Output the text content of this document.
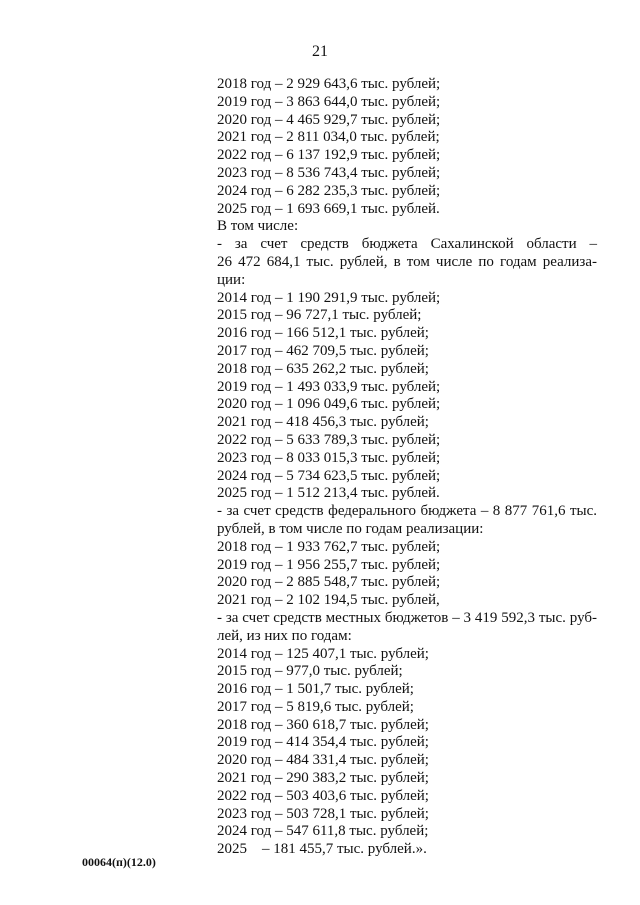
21
2018 год – 2 929 643,6 тыс. рублей;
2019 год – 3 863 644,0 тыс. рублей;
2020 год – 4 465 929,7 тыс. рублей;
2021 год – 2 811 034,0 тыс. рублей;
2022 год – 6 137 192,9 тыс. рублей;
2023 год – 8 536 743,4 тыс. рублей;
2024 год – 6 282 235,3 тыс. рублей;
2025 год – 1 693 669,1 тыс. рублей.
В том числе:
- за счет средств бюджета Сахалинской области –
26 472 684,1 тыс. рублей, в том числе по годам реализа-
ции:
2014 год – 1 190 291,9 тыс. рублей;
2015 год – 96 727,1 тыс. рублей;
2016 год – 166 512,1 тыс. рублей;
2017 год – 462 709,5 тыс. рублей;
2018 год – 635 262,2 тыс. рублей;
2019 год – 1 493 033,9 тыс. рублей;
2020 год – 1 096 049,6 тыс. рублей;
2021 год – 418 456,3 тыс. рублей;
2022 год – 5 633 789,3 тыс. рублей;
2023 год – 8 033 015,3 тыс. рублей;
2024 год – 5 734 623,5 тыс. рублей;
2025 год – 1 512 213,4 тыс. рублей.
- за счет средств федерального бюджета – 8 877 761,6 тыс.
рублей, в том числе по годам реализации:
2018 год – 1 933 762,7 тыс. рублей;
2019 год – 1 956 255,7 тыс. рублей;
2020 год – 2 885 548,7 тыс. рублей;
2021 год – 2 102 194,5 тыс. рублей,
- за счет средств местных бюджетов – 3 419 592,3 тыс. руб-
лей, из них по годам:
2014 год – 125 407,1 тыс. рублей;
2015 год – 977,0 тыс. рублей;
2016 год – 1 501,7 тыс. рублей;
2017 год – 5 819,6 тыс. рублей;
2018 год – 360 618,7 тыс. рублей;
2019 год – 414 354,4 тыс. рублей;
2020 год – 484 331,4 тыс. рублей;
2021 год – 290 383,2 тыс. рублей;
2022 год – 503 403,6 тыс. рублей;
2023 год – 503 728,1 тыс. рублей;
2024 год – 547 611,8 тыс. рублей;
2025    – 181 455,7 тыс. рублей.».
00064(п)(12.0)
